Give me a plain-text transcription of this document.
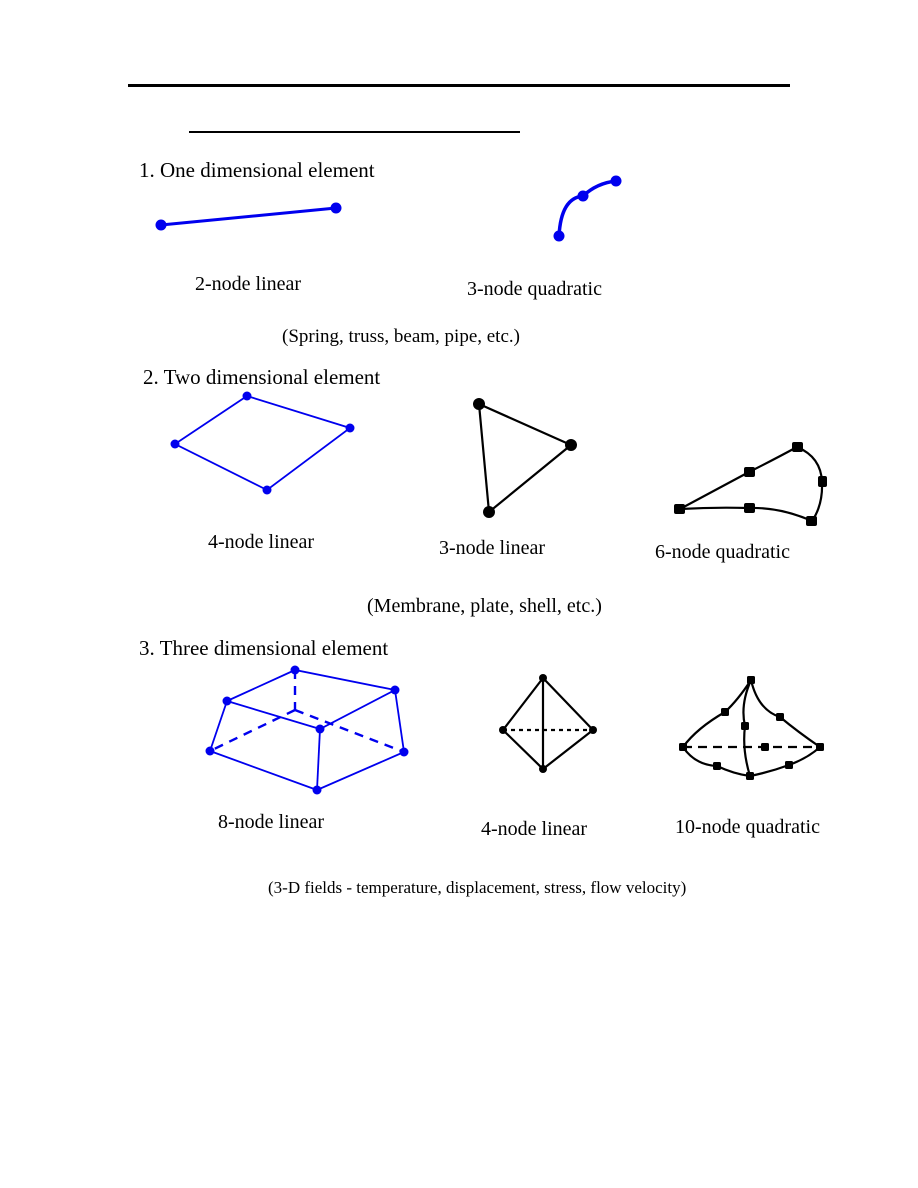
1. One dimensional element
2-node linear	3-node quadratic
(Spring, truss, beam, pipe, etc.)
2. Two dimensional element
4-node linear	3-node linear	6-node quadratic
(Membrane, plate, shell, etc.)
3. Three dimensional element
8-node linear	4-node linear	10-node quadratic
(3-D fields - temperature, displacement, stress, flow velocity)
